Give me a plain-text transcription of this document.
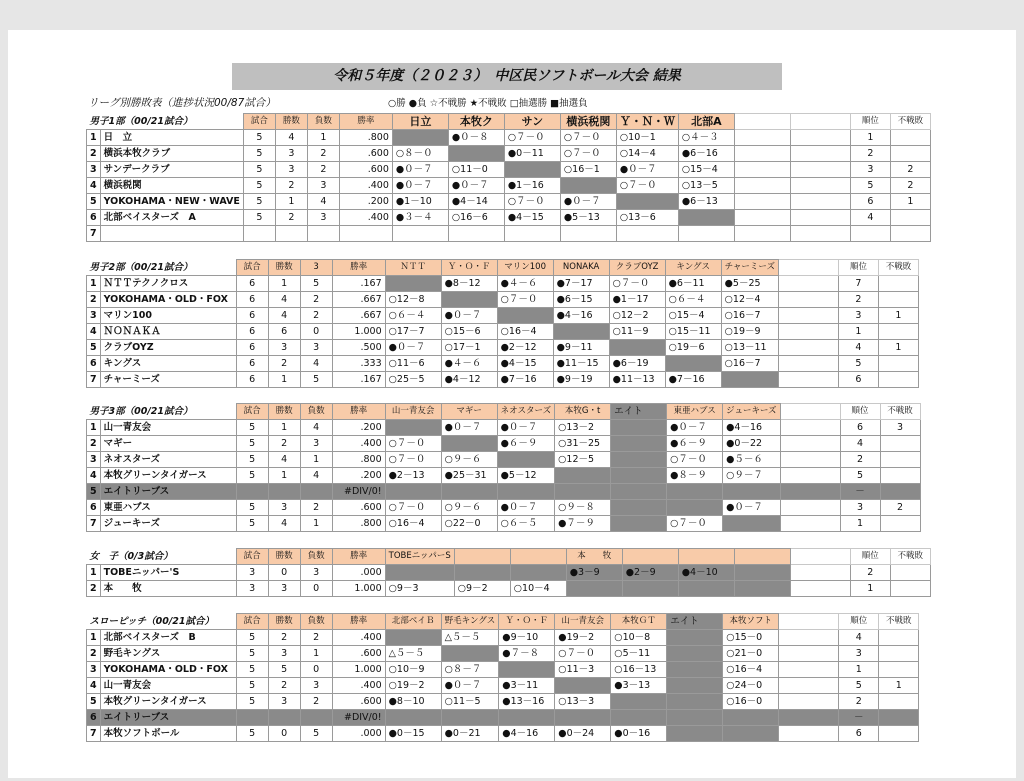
令和５年度（２０２３）　中区民ソフトボール大会 結果
リーグ別勝敗表（進捗状況00/87試合）	○勝 ●負 ☆不戦勝 ★不戦敗 □抽選勝 ■抽選負
男子1部（00/21試合）		試合	勝数	負数	勝率	日立	本牧ク	サン	横浜税関	Ｙ・Ｎ・Ｗ	北部A			順位	不戦敗
1	日　立	5	4	1	.800		●０－８	○７－０	○７－０	○10－1	○４－３			1	
2	横浜本牧クラブ	5	3	2	.600	○８－０		●0－11	○７－０	○14－4	●6－16			2	
3	サンデークラブ	5	3	2	.600	●０－７	○11－0		○16－1	●０－７	○15－4			3	2
4	横浜税関	5	2	3	.400	●０－７	●０－７	●1－16		○７－０	○13－5			5	2
5	YOKOHAMA・NEW・WAVE	5	1	4	.200	●1－10	●4－14	○７－０	●０－７		●6－13			6	1
6	北部ベイスターズ　A	5	2	3	.400	●３－４	○16－6	●4－15	●5－13	○13－6				4	
7															
男子2部（00/21試合）		試合	勝数	3	勝率	ＮＴＴ	Ｙ・Ｏ・Ｆ	マリン100	NONAKA	クラブOYZ	キングス	チャーミーズ		順位	不戦敗
1	ＮＴＴテクノクロス	6	1	5	.167		●8－12	●４－６	●7－17	○７－０	●6－11	●5－25		7	
2	YOKOHAMA・OLD・FOX	6	4	2	.667	○12－8		○７－０	●6－15	●1－17	○６－４	○12－4		2	
3	マリン100	6	4	2	.667	○６－４	●０－７		●4－16	○12－2	○15－4	○16－7		3	1
4	ＮＯＮＡＫＡ	6	6	0	1.000	○17－7	○15－6	○16－4		○11－9	○15－11	○19－9		1	
5	クラブOYZ	6	3	3	.500	●０－７	○17－1	●2－12	●9－11		○19－6	○13－11		4	1
6	キングス	6	2	4	.333	○11－6	●４－６	●4－15	●11－15	●6－19		○16－7		5	
7	チャーミーズ	6	1	5	.167	○25－5	●4－12	●7－16	●9－19	●11－13	●7－16			6	
男子3部（00/21試合）		試合	勝数	負数	勝率	山一青友会	マギー	ネオスターズ	本牧G・t	エイト	東亜ハブス	ジューキーズ		順位	不戦敗
1	山一青友会	5	1	4	.200		●０－７	●０－７	○13－2		●０－７	●4－16		6	3
2	マギー	5	2	3	.400	○７－０		●６－９	○31－25		●６－９	●0－22		4	
3	ネオスターズ	5	4	1	.800	○７－０	○９－６		○12－5		○７－０	●５－６		2	
4	本牧グリーンタイガース	5	1	4	.200	●2－13	●25－31	●5－12			●８－９	○９－７		5	
5	エイトリーブス				#DIV/0!									－	
6	東亜ハブス	5	3	2	.600	○７－０	○９－６	●０－７	○９－８			●０－７		3	2
7	ジューキーズ	5	4	1	.800	○16－4	○22－0	○６－５	●７－９		○７－０			1	
女　子（0/3試合）		試合	勝数	負数	勝率	TOBEニッパーS			本　　牧					順位	不戦敗
1	TOBEニッパー'S	3	0	3	.000				●3－9	●2－9	●4－10			2	
2	本　　牧	3	3	0	1.000	○9－3	○9－2	○10－4						1	
スローピッチ（00/21試合）		試合	勝数	負数	勝率	北部ベイＢ	野毛キングス	Ｙ・Ｏ・Ｆ	山一青友会	本牧ＧＴ	エイト	本牧ソフト		順位	不戦敗
1	北部ベイスターズ　B	5	2	2	.400		△５－５	●9－10	●19－2	○10－8		○15－0		4	
2	野毛キングス	5	3	1	.600	△５－５		●７－８	○７－０	○5－11		○21－0		3	
3	YOKOHAMA・OLD・FOX	5	5	0	1.000	○10－9	○８－７		○11－3	○16－13		○16－4		1	
4	山一青友会	5	2	3	.400	○19－2	●０－７	●3－11		●3－13		○24－0		5	1
5	本牧グリーンタイガース	5	3	2	.600	●8－10	○11－5	●13－16	○13－3			○16－0		2	
6	エイトリーブス				#DIV/0!									－	
7	本牧ソフトボール	5	0	5	.000	●0－15	●0－21	●4－16	●0－24	●0－16				6	
